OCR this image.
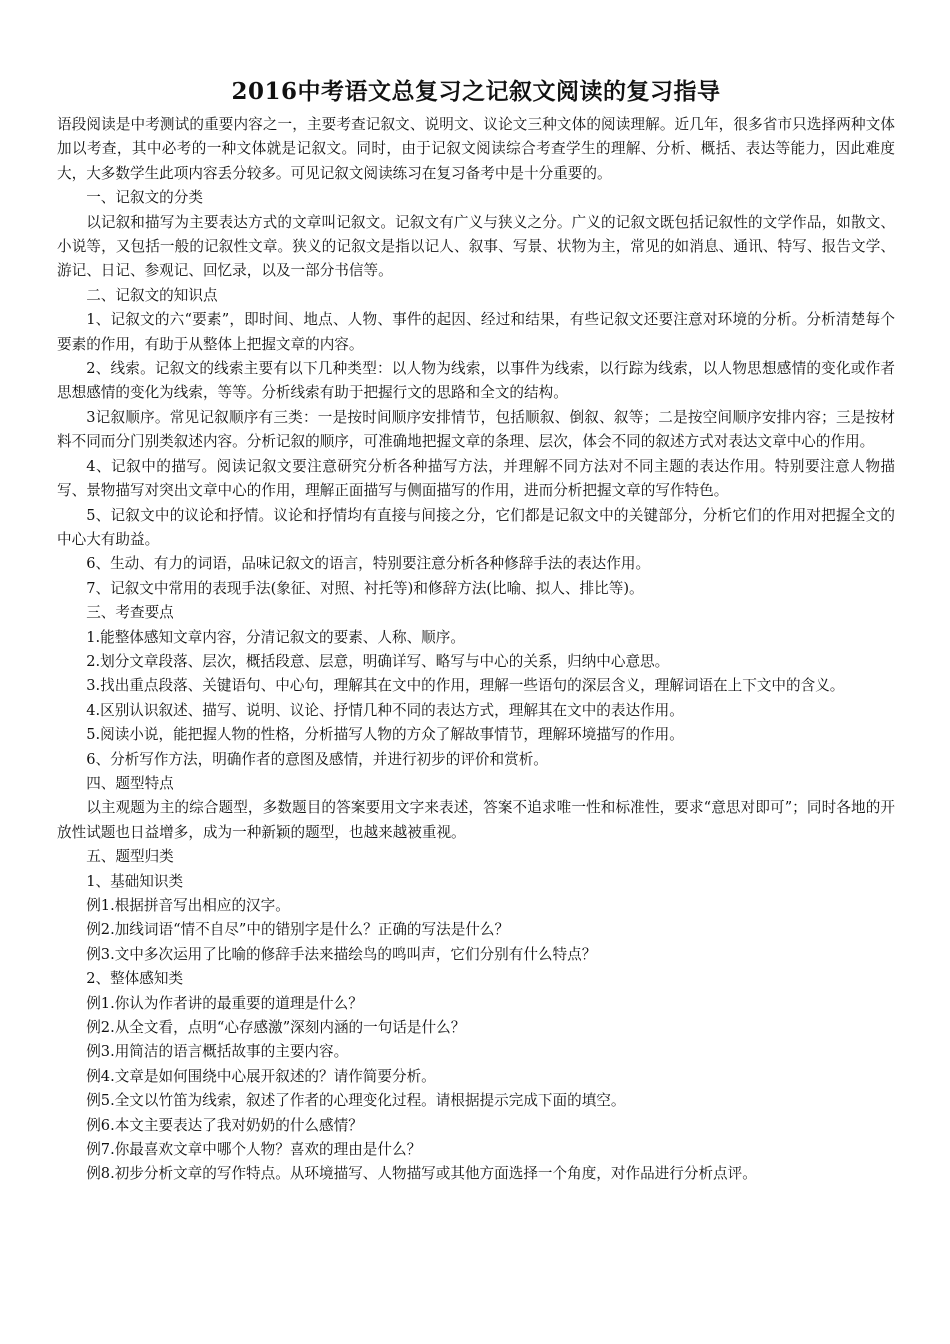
2016中考语文总复习之记叙文阅读的复习指导

语段阅读是中考测试的重要内容之一，主要考查记叙文、说明文、议论文三种文体的阅读理解。近几年，很多省市只选择两种文体加以考查，其中必考的一种文体就是记叙文。同时，由于记叙文阅读综合考查学生的理解、分析、概括、表达等能力，因此难度大，大多数学生此项内容丢分较多。可见记叙文阅读练习在复习备考中是十分重要的。

一、记叙文的分类

以记叙和描写为主要表达方式的文章叫记叙文。记叙文有广义与狭义之分。广义的记叙文既包括记叙性的文学作品，如散文、小说等，又包括一般的记叙性文章。狭义的记叙文是指以记人、叙事、写景、状物为主，常见的如消息、通讯、特写、报告文学、游记、日记、参观记、回忆录，以及一部分书信等。

二、记叙文的知识点

1、记叙文的六“要素”，即时间、地点、人物、事件的起因、经过和结果，有些记叙文还要注意对环境的分析。分析清楚每个要素的作用，有助于从整体上把握文章的内容。

2、线索。记叙文的线索主要有以下几种类型：以人物为线索，以事件为线索，以行踪为线索，以人物思想感情的变化或作者思想感情的变化为线索，等等。分析线索有助于把握行文的思路和全文的结构。

3记叙顺序。常见记叙顺序有三类：一是按时间顺序安排情节，包括顺叙、倒叙、叙等；二是按空间顺序安排内容；三是按材料不同而分门别类叙述内容。分析记叙的顺序，可准确地把握文章的条理、层次，体会不同的叙述方式对表达文章中心的作用。

4、记叙中的描写。阅读记叙文要注意研究分析各种描写方法，并理解不同方法对不同主题的表达作用。特别要注意人物描写、景物描写对突出文章中心的作用，理解正面描写与侧面描写的作用，进而分析把握文章的写作特色。

5、记叙文中的议论和抒情。议论和抒情均有直接与间接之分，它们都是记叙文中的关键部分，分析它们的作用对把握全文的中心大有助益。

6、生动、有力的词语，品味记叙文的语言，特别要注意分析各种修辞手法的表达作用。

7、记叙文中常用的表现手法(象征、对照、衬托等)和修辞方法(比喻、拟人、排比等)。

三、考查要点

1.能整体感知文章内容，分清记叙文的要素、人称、顺序。

2.划分文章段落、层次，概括段意、层意，明确详写、略写与中心的关系，归纳中心意思。

3.找出重点段落、关键语句、中心句，理解其在文中的作用，理解一些语句的深层含义，理解词语在上下文中的含义。

4.区别认识叙述、描写、说明、议论、抒情几种不同的表达方式，理解其在文中的表达作用。

5.阅读小说，能把握人物的性格，分析描写人物的方众了解故事情节，理解环境描写的作用。

6、分析写作方法，明确作者的意图及感情，并进行初步的评价和赏析。

四、题型特点

以主观题为主的综合题型，多数题目的答案要用文字来表述，答案不追求唯一性和标准性，要求“意思对即可”；同时各地的开放性试题也日益增多，成为一种新颖的题型，也越来越被重视。

五、题型归类

1、基础知识类

例1.根据拼音写出相应的汉字。

例2.加线词语“情不自尽”中的错别字是什么？正确的写法是什么？

例3.文中多次运用了比喻的修辞手法来描绘鸟的鸣叫声，它们分别有什么特点？

2、整体感知类

例1.你认为作者讲的最重要的道理是什么？

例2.从全文看，点明“心存感激”深刻内涵的一句话是什么？

例3.用简洁的语言概括故事的主要内容。

例4.文章是如何围绕中心展开叙述的？请作简要分析。

例5.全文以竹笛为线索，叙述了作者的心理变化过程。请根据提示完成下面的填空。

例6.本文主要表达了我对奶奶的什么感情？

例7.你最喜欢文章中哪个人物？喜欢的理由是什么？

例8.初步分析文章的写作特点。从环境描写、人物描写或其他方面选择一个角度，对作品进行分析点评。
